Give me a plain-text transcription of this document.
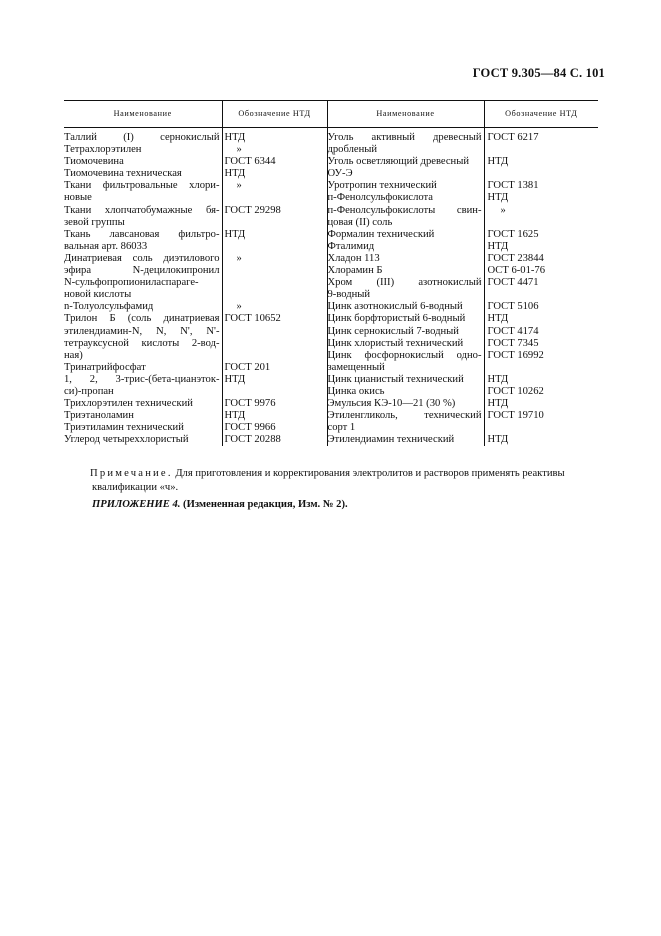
ГОСТ 9.305—84 С. 101
Наименование	Обозначение НТД	Наименование	Обозначение НТД
Таллий (I) сернокислый	НТД	Уголь активный древесный	ГОСТ 6217
Тетрахлорэтилен	»	дробленый	
Тиомочевина	ГОСТ 6344	Уголь осветляющий древесный	НТД
Тиомочевина техническая	НТД	ОУ-Э	
Ткани фильтровальные хлори-	»	Уротропин технический	ГОСТ 1381
новые		п-Фенолсульфокислота	НТД
Ткани хлопчатобумажные бя-	ГОСТ 29298	п-Фенолсульфокислоты свин-	»
зевой группы		цовая (II) соль	
Ткань лавсановая фильтро-	НТД	Формалин технический	ГОСТ 1625
вальная арт. 86033		Фталимид	НТД
Динатриевая соль диэтилового	»	Хладон 113	ГОСТ 23844
эфира N-децилокипронил		Хлорамин Б	ОСТ 6-01-76
N-сульфопропионилаcпараге-		Хром (III) азотнокислый	ГОСТ 4471
новой кислоты		9-водный	
n-Толуолсульфамид	»	Цинк азотнокислый 6-водный	ГОСТ 5106
Трилон Б (соль динатриевая	ГОСТ 10652	Цинк борфтористый 6-водный	НТД
этилендиамин-N, N, N', N'-		Цинк сернокислый 7-водный	ГОСТ 4174
тетрауксусной кислоты 2-вод-		Цинк хлористый технический	ГОСТ 7345
ная)		Цинк фосфорнокислый одно-	ГОСТ 16992
Тринатрийфосфат	ГОСТ 201	замещенный	
1, 2, 3-трис-(бета-цианэток-	НТД	Цинк цианистый технический	НТД
си)-пропан		Цинка окись	ГОСТ 10262
Трихлорэтилен технический	ГОСТ 9976	Эмульсия КЭ-10—21 (30 %)	НТД
Триэтаноламин	НТД	Этиленгликоль, технический	ГОСТ 19710
Триэтиламин технический	ГОСТ 9966	сорт 1	
Углерод четыреххлористый	ГОСТ 20288	Этилендиамин технический	НТД
Примечание. Для приготовления и корректирования электролитов и растворов применять реактивы
квалификации «ч».
ПРИЛОЖЕНИЕ 4. (Измененная редакция, Изм. № 2).
